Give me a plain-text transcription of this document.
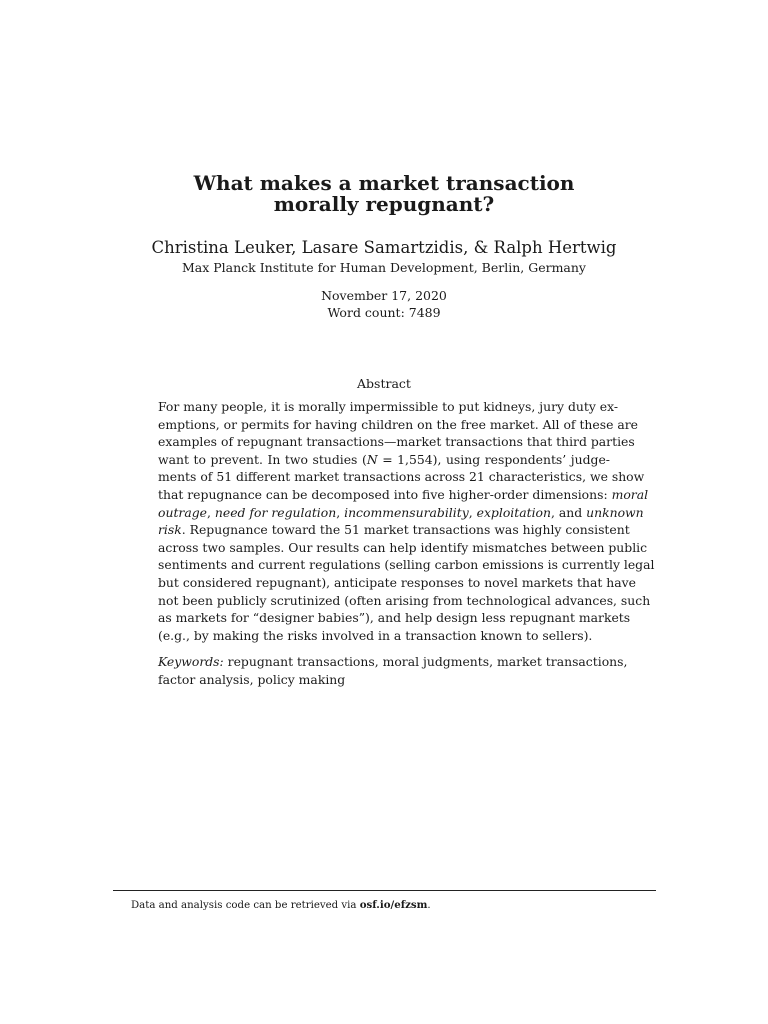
What makes a market transaction
morally repugnant?

Christina Leuker, Lasare Samartzidis, & Ralph Hertwig

Max Planck Institute for Human Development, Berlin, Germany

November 17, 2020
Word count: 7489
Abstract
For many people, it is morally impermissible to put kidneys, jury duty ex-
emptions, or permits for having children on the free market. All of these are
examples of repugnant transactions—market transactions that third parties
want to prevent. In two studies (N = 1,554), using respondents’ judge-
ments of 51 different market transactions across 21 characteristics, we show
that repugnance can be decomposed into five higher-order dimensions: moral
outrage, need for regulation, incommensurability, exploitation, and unknown
risk. Repugnance toward the 51 market transactions was highly consistent
across two samples. Our results can help identify mismatches between public
sentiments and current regulations (selling carbon emissions is currently legal
but considered repugnant), anticipate responses to novel markets that have
not been publicly scrutinized (often arising from technological advances, such
as markets for “designer babies”), and help design less repugnant markets
(e.g., by making the risks involved in a transaction known to sellers).
Keywords: repugnant transactions, moral judgments, market transactions,
factor analysis, policy making

Data and analysis code can be retrieved via osf.io/efzsm.
